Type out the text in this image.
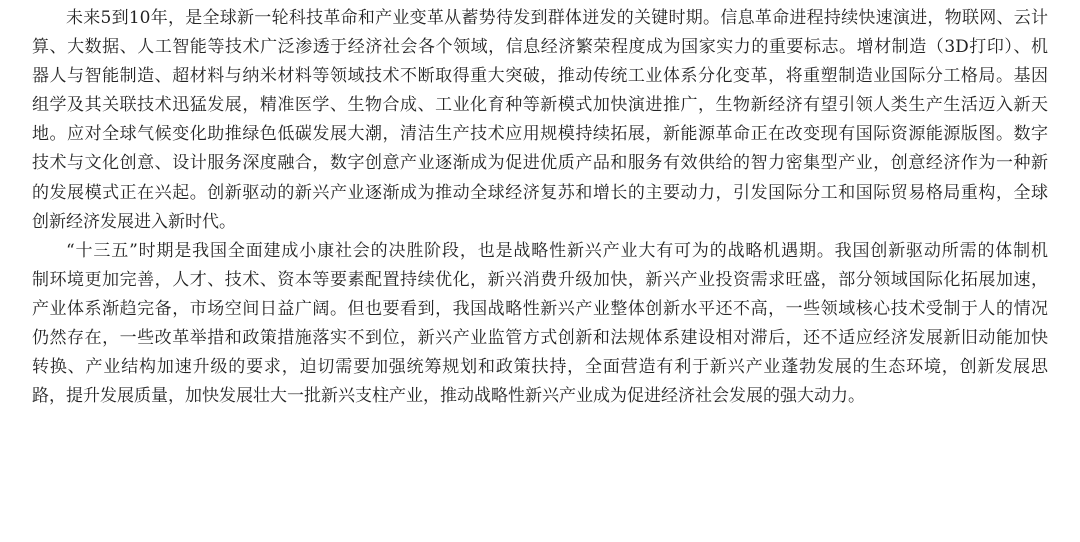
未来5到10年，是全球新一轮科技革命和产业变革从蓄势待发到群体迸发的关键时期。信息革命进程持续快速演进，物联网、云计
算、大数据、人工智能等技术广泛渗透于经济社会各个领域，信息经济繁荣程度成为国家实力的重要标志。增材制造（3D打印）、机
器人与智能制造、超材料与纳米材料等领域技术不断取得重大突破，推动传统工业体系分化变革，将重塑制造业国际分工格局。基因
组学及其关联技术迅猛发展，精准医学、生物合成、工业化育种等新模式加快演进推广，生物新经济有望引领人类生产生活迈入新天
地。应对全球气候变化助推绿色低碳发展大潮，清洁生产技术应用规模持续拓展，新能源革命正在改变现有国际资源能源版图。数字
技术与文化创意、设计服务深度融合，数字创意产业逐渐成为促进优质产品和服务有效供给的智力密集型产业，创意经济作为一种新
的发展模式正在兴起。创新驱动的新兴产业逐渐成为推动全球经济复苏和增长的主要动力，引发国际分工和国际贸易格局重构，全球
创新经济发展进入新时代。
“十三五”时期是我国全面建成小康社会的决胜阶段，也是战略性新兴产业大有可为的战略机遇期。我国创新驱动所需的体制机
制环境更加完善，人才、技术、资本等要素配置持续优化，新兴消费升级加快，新兴产业投资需求旺盛，部分领域国际化拓展加速，
产业体系渐趋完备，市场空间日益广阔。但也要看到，我国战略性新兴产业整体创新水平还不高，一些领域核心技术受制于人的情况
仍然存在，一些改革举措和政策措施落实不到位，新兴产业监管方式创新和法规体系建设相对滞后，还不适应经济发展新旧动能加快
转换、产业结构加速升级的要求，迫切需要加强统筹规划和政策扶持，全面营造有利于新兴产业蓬勃发展的生态环境，创新发展思
路，提升发展质量，加快发展壮大一批新兴支柱产业，推动战略性新兴产业成为促进经济社会发展的强大动力。
